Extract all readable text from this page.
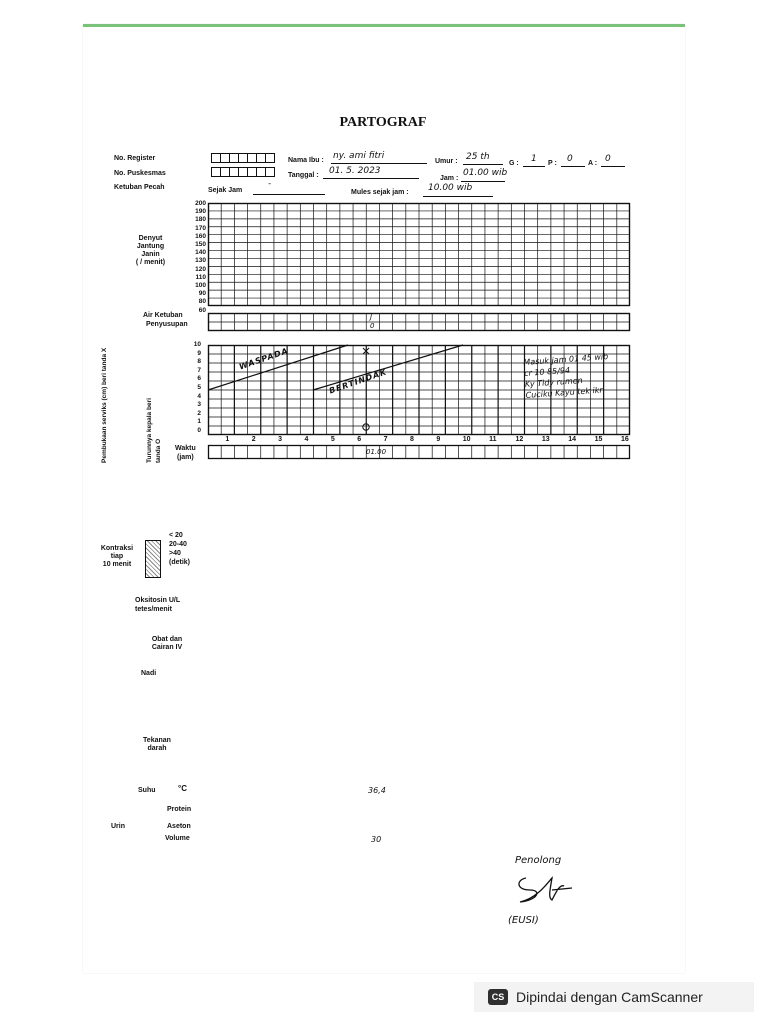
PARTOGRAF
No. Register
No. Puskesmas
Ketuban Pecah
Nama Ibu : ny. ami fitri
Umur : 25 th
G : 1 P : 0 A : 0
Tanggal : 01. 5. 2023
Jam :
01.00 wib
Sejak Jam
-
Mules sejak jam : 10.00 wib
Denyut
Jantung
Janin
( / menit)
200
190
180
170
160
150
140
130
120
110
100
90
80
60
Air Ketuban
Penyusupan
J
0
Pembukaan serviks (cm) beri tanda X	Turunnya kepala beri tanda O
10
9
8
7
6
5
4
3
2
1
0
1	2	3	4	5	6	7	8	9	10	11	12	13	14	15	16
WASPADA
BERTINDAK
Waktu
(jam)
01.00
Masuk jam 01 45 wib
cr 10 85/94
Ky Tidy rumen
Cuciku Kayu tek ikr
Kontraksi
tiap
10 menit
< 20
20-40
>40
(detik)
Oksitosin U/L
tetes/menit
Obat dan
Cairan IV
Nadi
Tekanan
darah
Suhu	°C	36,4
Protein
Urin	Aseton
Volume	30
Penolong
(EUSI)
CS Dipindai dengan CamScanner
